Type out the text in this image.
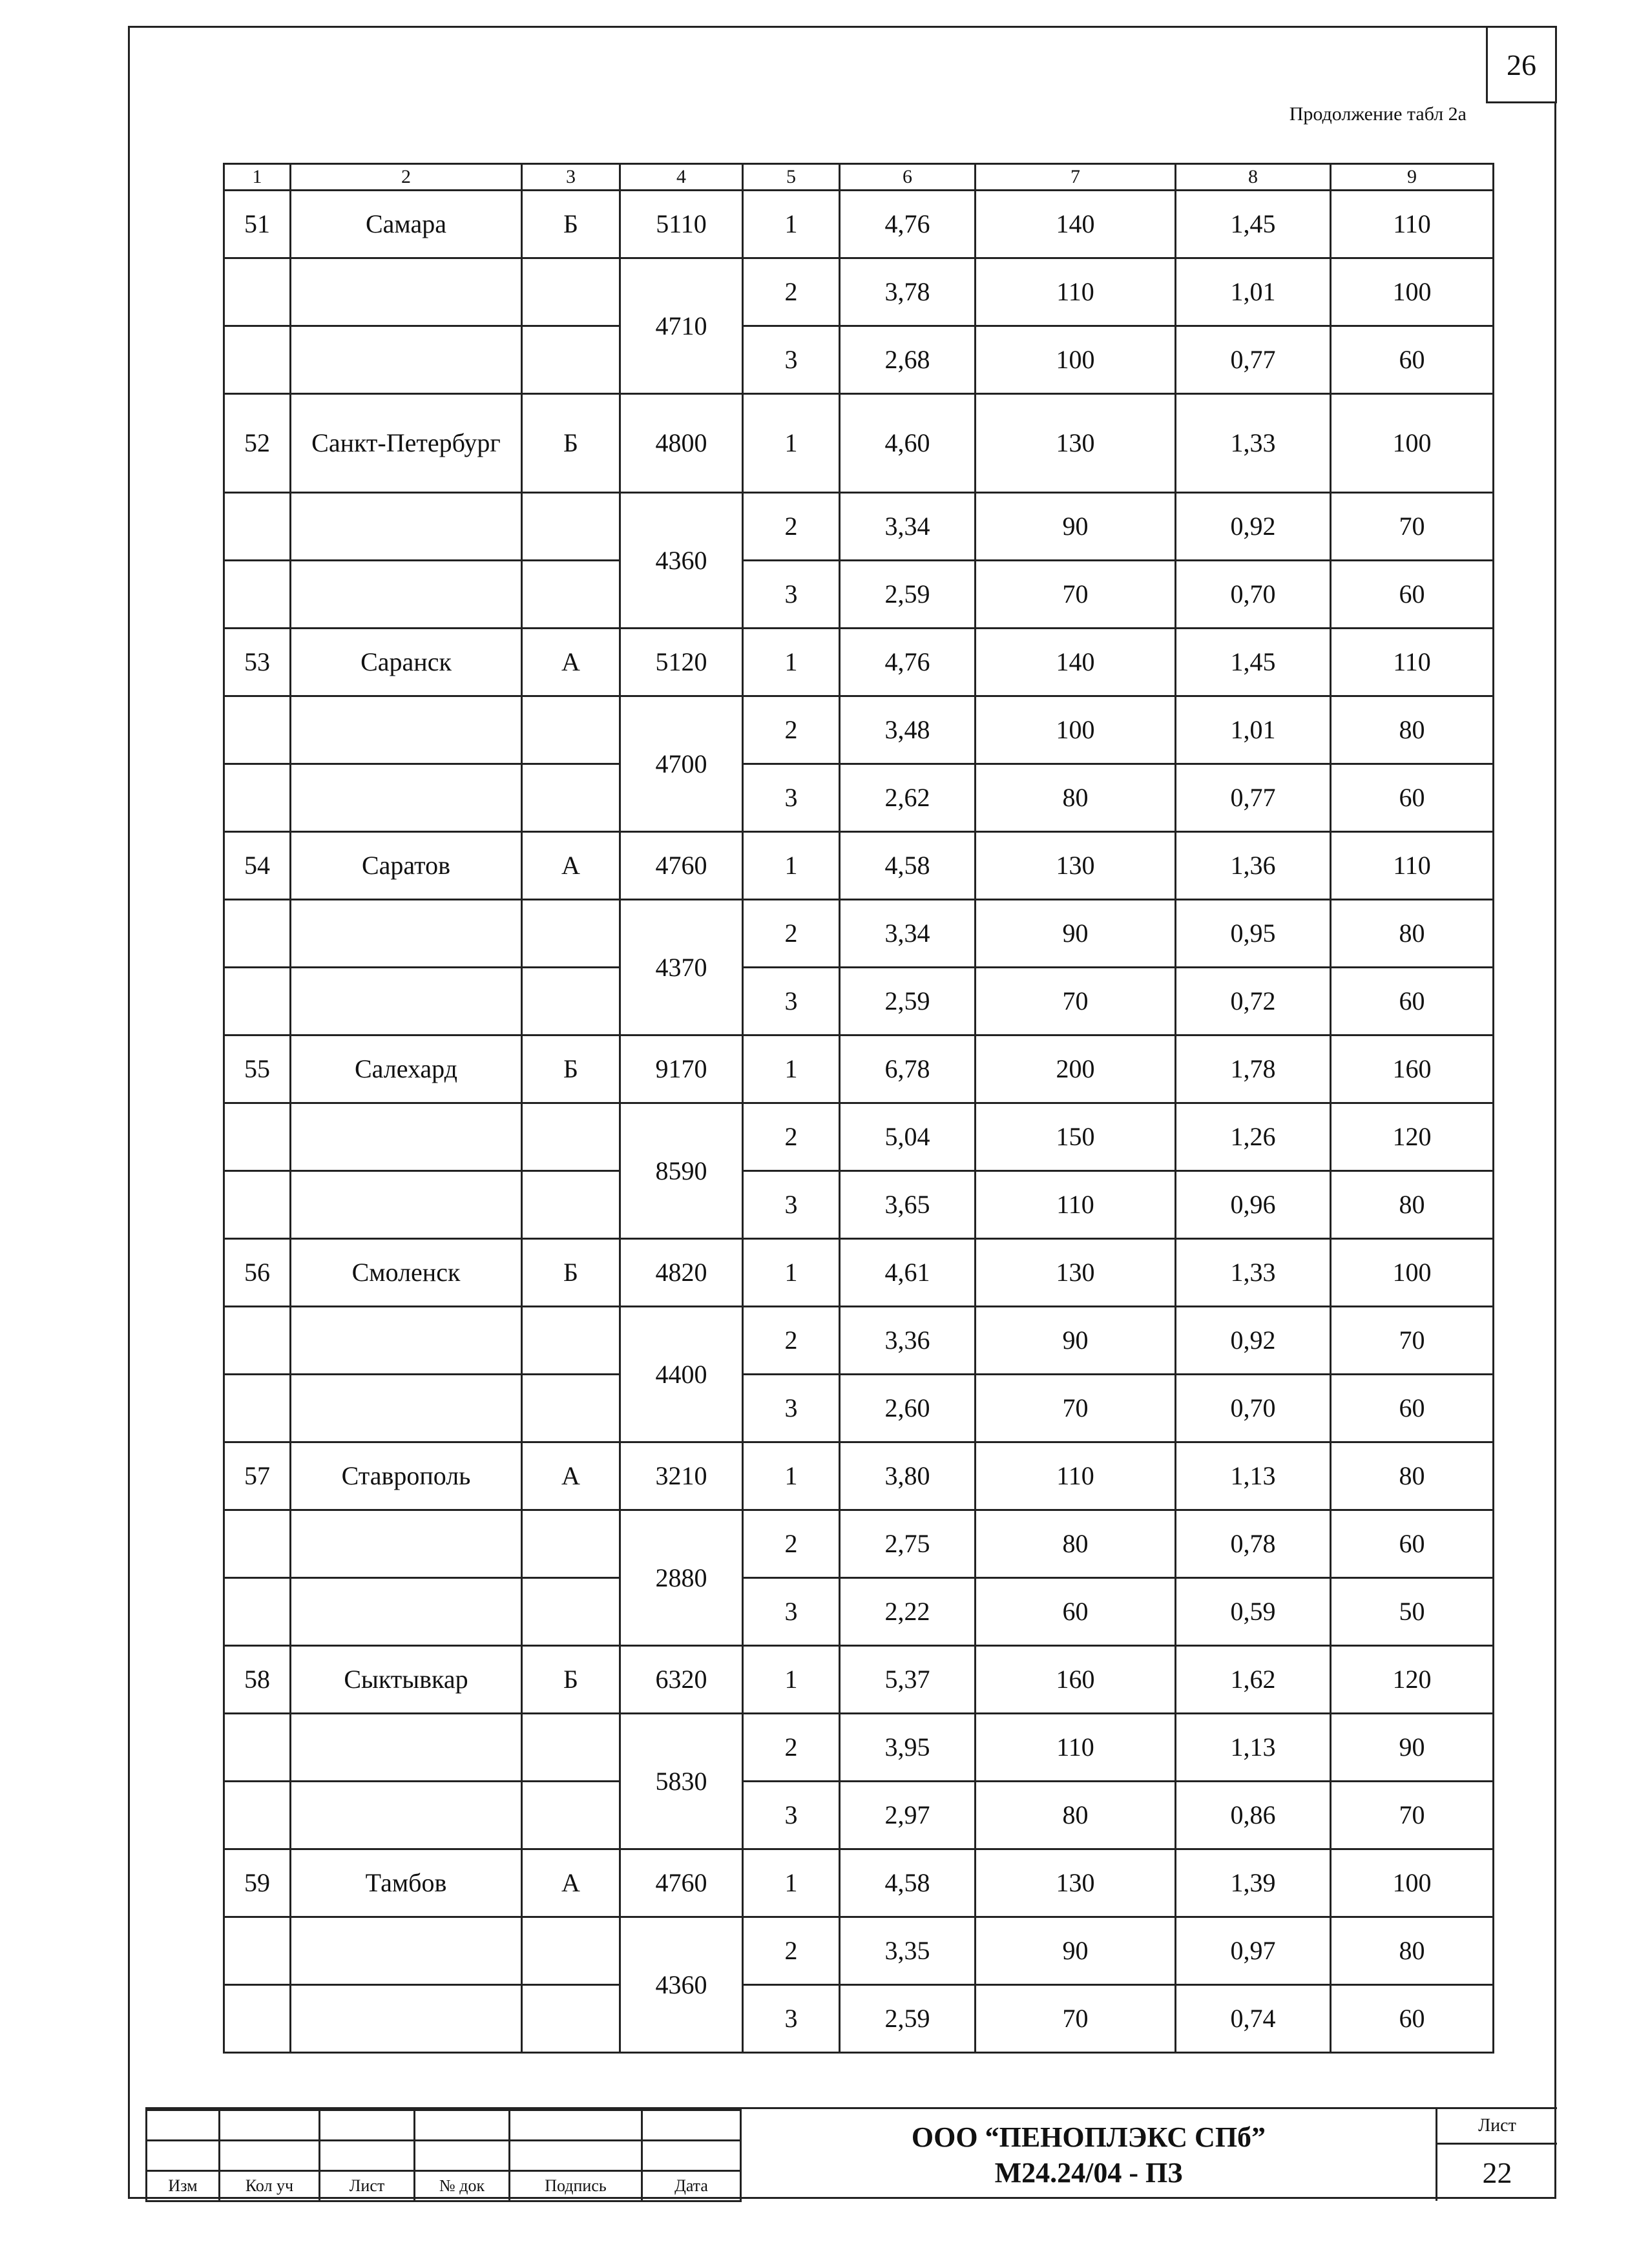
26
Продолжение табл 2а
1	2	3	4	5	6	7	8	9
51	Самара	Б	5110	1	4,76	140	1,45	110
			4710	2	3,78	110	1,01	100
				3	2,68	100	0,77	60
52	Санкт-Петербург	Б	4800	1	4,60	130	1,33	100
			4360	2	3,34	90	0,92	70
				3	2,59	70	0,70	60
53	Саранск	А	5120	1	4,76	140	1,45	110
			4700	2	3,48	100	1,01	80
				3	2,62	80	0,77	60
54	Саратов	А	4760	1	4,58	130	1,36	110
			4370	2	3,34	90	0,95	80
				3	2,59	70	0,72	60
55	Салехард	Б	9170	1	6,78	200	1,78	160
			8590	2	5,04	150	1,26	120
				3	3,65	110	0,96	80
56	Смоленск	Б	4820	1	4,61	130	1,33	100
			4400	2	3,36	90	0,92	70
				3	2,60	70	0,70	60
57	Ставрополь	А	3210	1	3,80	110	1,13	80
			2880	2	2,75	80	0,78	60
				3	2,22	60	0,59	50
58	Сыктывкар	Б	6320	1	5,37	160	1,62	120
			5830	2	3,95	110	1,13	90
				3	2,97	80	0,86	70
59	Тамбов	А	4760	1	4,58	130	1,39	100
			4360	2	3,35	90	0,97	80
				3	2,59	70	0,74	60

Изм	Кол уч	Лист	№ док	Подпись	Дата
ООО “ПЕНОПЛЭКС СПб”
М24.24/04 - ПЗ
Лист
22
